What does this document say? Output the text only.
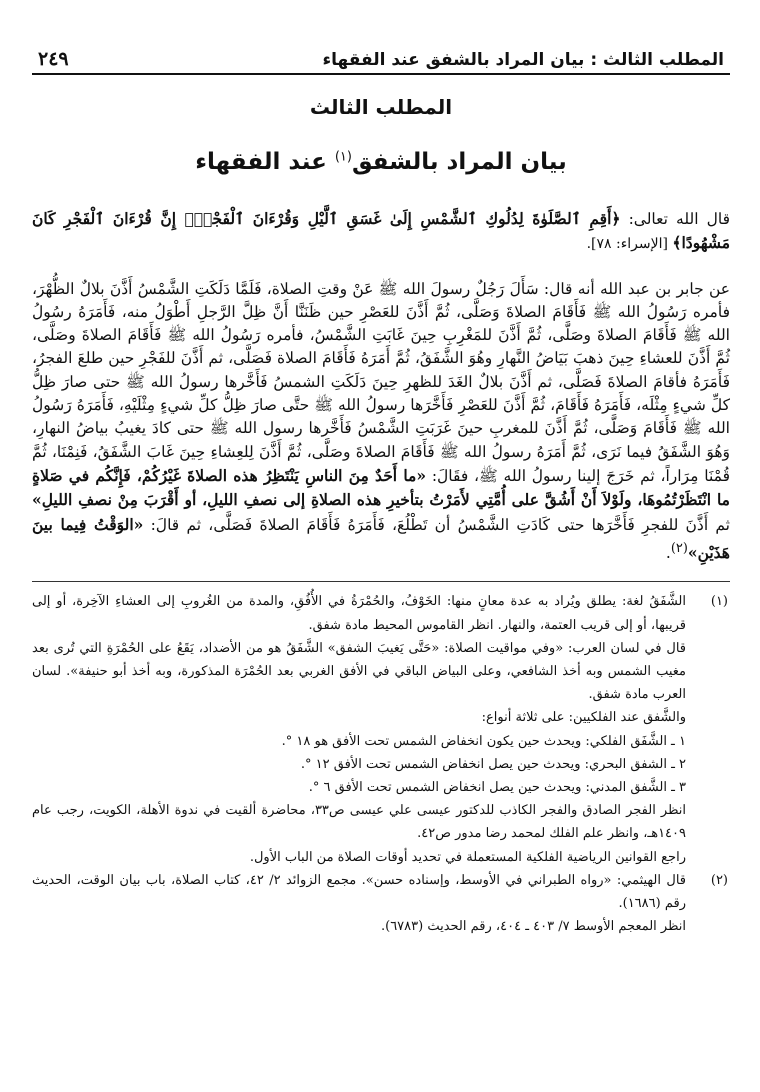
المطلب الثالث : بيان المراد بالشفق عند الفقهاء
٢٤٩
المطلب الثالث
بيان المراد بالشفق$^{(١)}$ عند الفقهاء

قال الله تعالى: ﴿أَقِمِ ٱلصَّلَوٰةَ لِدُلُوكِ ٱلشَّمْسِ إِلَىٰ غَسَقِ ٱلَّيْلِ وَقُرْءَانَ ٱلْفَجْرِۖ إِنَّ قُرْءَانَ ٱلْفَجْرِ كَانَ مَشْهُودًا﴾ [الإسراء: ٧٨].

عن جابر بن عبد الله أنه قال: سَأَلَ رَجُلٌ رسولَ الله ﷺ عَنْ وقتِ الصلاة، فَلَمَّا دَلَكَتِ الشَّمْسُ أَذَّنَ بلالٌ الظُّهْرَ، فأمره رَسُولُ الله ﷺ فَأَقَامَ الصلاةَ وَصَلَّى، ثُمَّ أَذَّنَ للعَصْرِ حين ظَنَنَّا أَنَّ ظِلَّ الرَّجلِ أَطْوَلُ منه، فَأَمَرَهُ رسُولُ الله ﷺ فَأَقَامَ الصلاةَ وصَلَّى، ثُمَّ أَذَّنَ للمَغْرِبِ حِينَ غَابَتِ الشَّمْسُ، فأمره رَسُولُ الله ﷺ فَأَقَامَ الصلاةَ وصَلَّى، ثُمَّ أَذَّنَ للعشاءِ حِينَ ذهبَ بَيَاضُ النَّهارِ وهُوَ الشَّفَقُ، ثُمَّ أَمَرَهُ فَأَقَامَ الصلاة فَصَلَّى، ثم أَذَّنَ للفَجْرِ حين طلعَ الفجرُ، فَأَمَرَهُ فأقامَ الصلاةَ فَصَلَّى، ثم أَذَّنَ بلالٌ الغَدَ للظهرِ حِينَ دَلَكَتِ الشمسُ فَأَخَّرها رسولُ الله ﷺ حتى صارَ ظِلُّ كلِّ شيءٍ مِثْلَه، فَأَمَرَهُ فَأَقَامَ، ثُمَّ أَذَّنَ للعَصْرِ فَأَخَّرَها رسولُ الله ﷺ حتَّى صارَ ظِلُّ كلِّ شيءٍ مِثْلَيْهِ، فَأَمَرَهُ رَسُولُ الله ﷺ فَأَقَامَ وَصَلَّى، ثُمَّ أَذَّنَ للمغربِ حينَ غَرَبَتِ الشَّمْسُ فَأَخَّرها رسول الله ﷺ حتى كادَ يغيبُ بياضُ النهارِ، وَهُوَ الشَّفَقُ فيما نَرَى، ثُمَّ أَمَرَهُ رسولُ الله ﷺ فَأَقَامَ الصلاةَ وصَلَّى، ثُمَّ أَذَّنَ لِلعِشاءِ حِينَ غَابَ الشَّفَقُ، فَنِمْنَا، ثُمَّ قُمْنَا مِرَاراً، ثم خَرَجَ إلينا رسولُ الله ﷺ، فقَالَ: «ما أَحَدٌ مِنَ الناسِ يَنْتَظِرُ هذه الصلاةَ غَيْرُكُمْ، فَإِنَّكُم في صَلاةٍ ما انْتَظَرْتُمُوهَا، ولَوْلاَ أَنْ أَشُقَّ على أُمَّتِي لأَمَرْتُ بتأخيرِ هذه الصلاةِ إلى نصفِ الليلِ، أو أَقْرَبَ مِنْ نصفِ الليلِ» ثم أَذَّنَ للفجرِ فَأَخَّرَها حتى كَادَتِ الشَّمْسُ أن تَطْلُعَ، فَأَمَرَهُ فَأَقَامَ الصلاةَ فَصَلَّى، ثم قالَ: «الوَقْتُ فِيما بينَ هَذَيْنِ»$^{(٢)}$.

(١)

الشَّفَقُ لغة: يطلق ويُراد به عدة معانٍ منها: الخَوْفُ، والحُمْرَةُ في الأُفُقِ، والمدة من الغُروبِ إلى العشاءِ الآخِرة، أو إلى قريبها، أو إلى قريب العتمة، والنهار. انظر القاموس المحيط مادة شفق.

قال في لسان العرب: «وفي مواقيت الصلاة: «حَتَّى يَغيبَ الشفق» الشَّفَقُ هو من الأضداد، يَقَعُ على الحُمْرَةِ التي تُرى بعد مغيب الشمس وبه أخذ الشافعي، وعلى البياض الباقي في الأفق الغربي بعد الحُمْرَة المذكورة، وبه أخذ أبو حنيفة». لسان العرب مادة شفق.

والشَّفق عند الفلكيين: على ثلاثة أنواع:

١ ـ الشَّفَق الفلكي: ويحدث حين يكون انخفاض الشمس تحت الأفق هو ١٨ °.

٢ ـ الشفق البحري: ويحدث حين يصل انخفاض الشمس تحت الأفق ١٢ °.

٣ ـ الشَّفق المدني: ويحدث حين يصل انخفاض الشمس تحت الأفق ٦ °.

انظر الفجر الصادق والفجر الكاذب للدكتور عيسى علي عيسى ص٣٣، محاضرة ألقيت في ندوة الأهلة، الكويت، رجب عام ١٤٠٩هـ، وانظر علم الفلك لمحمد رضا مدور ص٤٢.

راجع القوانين الرياضية الفلكية المستعملة في تحديد أوقات الصلاة من الباب الأول.

(٢)

قال الهيثمي: «رواه الطبراني في الأوسط، وإسناده حسن». مجمع الزوائد ٢/ ٤٢، كتاب الصلاة، باب بيان الوقت، الحديث رقم (١٦٨٦).

انظر المعجم الأوسط ٧/ ٤٠٣ ـ ٤٠٤، رقم الحديث (٦٧٨٣).
